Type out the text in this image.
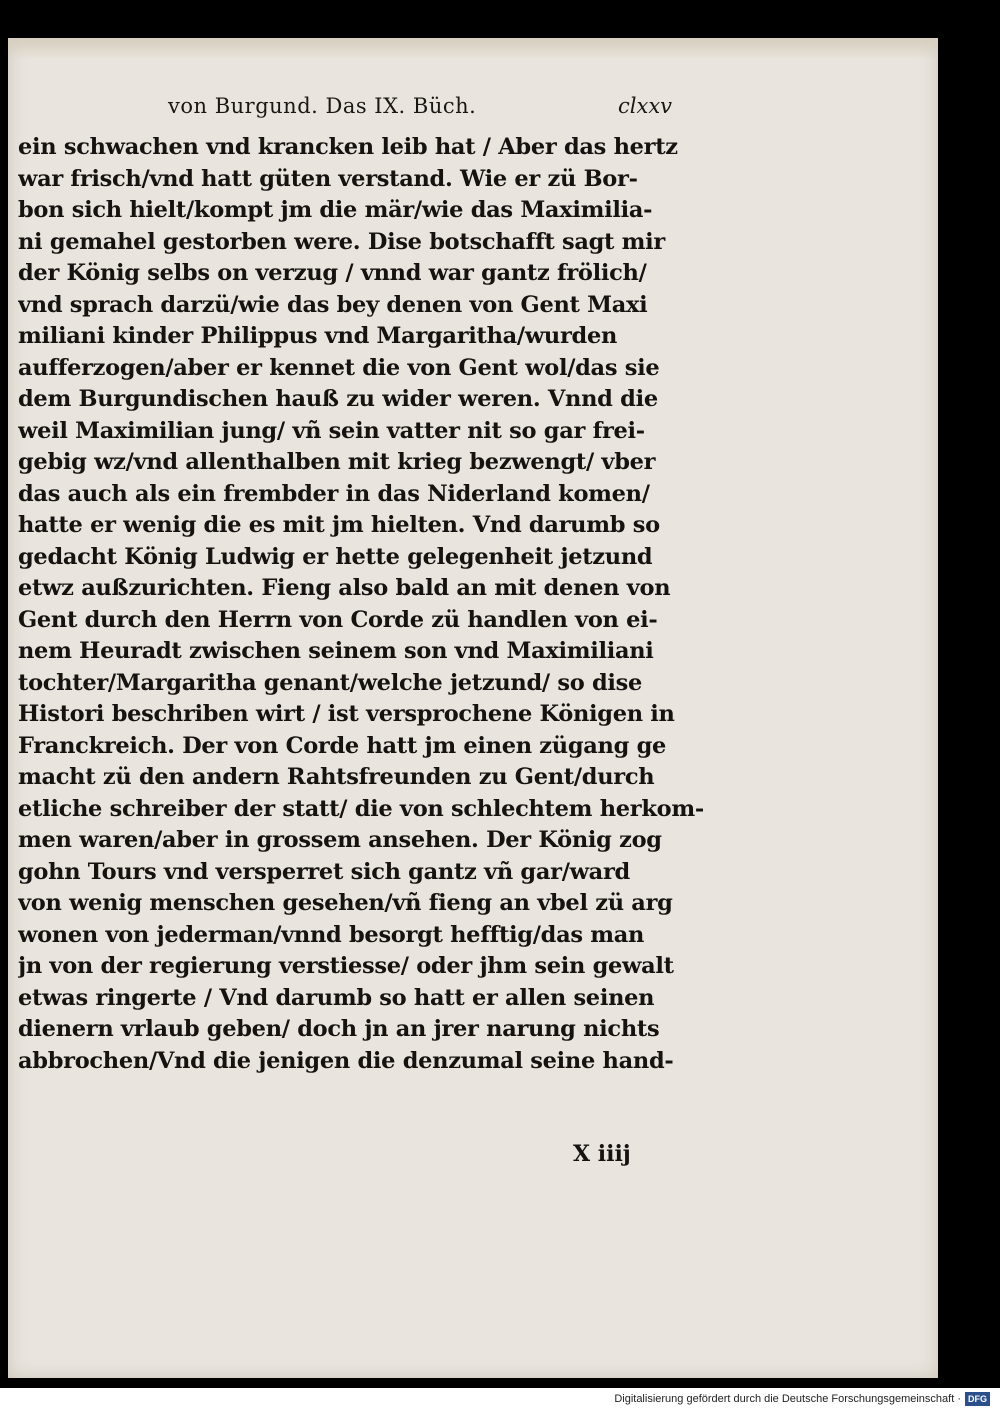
von Burgund. Das IX. Büch.	clxxv
ein schwachen vnd krancken leib hat / Aber das hertz
war frisch/vnd hatt güten verstand. Wie er zü Bor-
bon sich hielt/kompt jm die mär/wie das Maximilia-
ni gemahel gestorben were. Dise botschafft sagt mir
der König selbs on verzug / vnnd war gantz frölich/
vnd sprach darzü/wie das bey denen von Gent Maxi
miliani kinder Philippus vnd Margaritha/wurden
aufferzogen/aber er kennet die von Gent wol/das sie
dem Burgundischen hauß zu wider weren. Vnnd die
weil Maximilian jung/ vñ sein vatter nit so gar frei-
gebig wz/vnd allenthalben mit krieg bezwengt/ vber
das auch als ein frembder in das Niderland komen/
hatte er wenig die es mit jm hielten. Vnd darumb so
gedacht König Ludwig er hette gelegenheit jetzund
etwz außzurichten. Fieng also bald an mit denen von
Gent durch den Herrn von Corde zü handlen von ei-
nem Heuradt zwischen seinem son vnd Maximiliani
tochter/Margaritha genant/welche jetzund/ so dise
Histori beschriben wirt / ist versprochene Königen in
Franckreich. Der von Corde hatt jm einen zügang ge
macht zü den andern Rahtsfreunden zu Gent/durch
etliche schreiber der statt/ die von schlechtem herkom-
men waren/aber in grossem ansehen. Der König zog
gohn Tours vnd versperret sich gantz vñ gar/ward
von wenig menschen gesehen/vñ fieng an vbel zü arg
wonen von jederman/vnnd besorgt hefftig/das man
jn von der regierung verstiesse/ oder jhm sein gewalt
etwas ringerte / Vnd darumb so hatt er allen seinen
dienern vrlaub geben/ doch jn an jrer narung nichts
abbrochen/Vnd die jenigen die denzumal seine hand-
X iiij
Digitalisierung gefördert durch die Deutsche Forschungsgemeinschaft · DFG
